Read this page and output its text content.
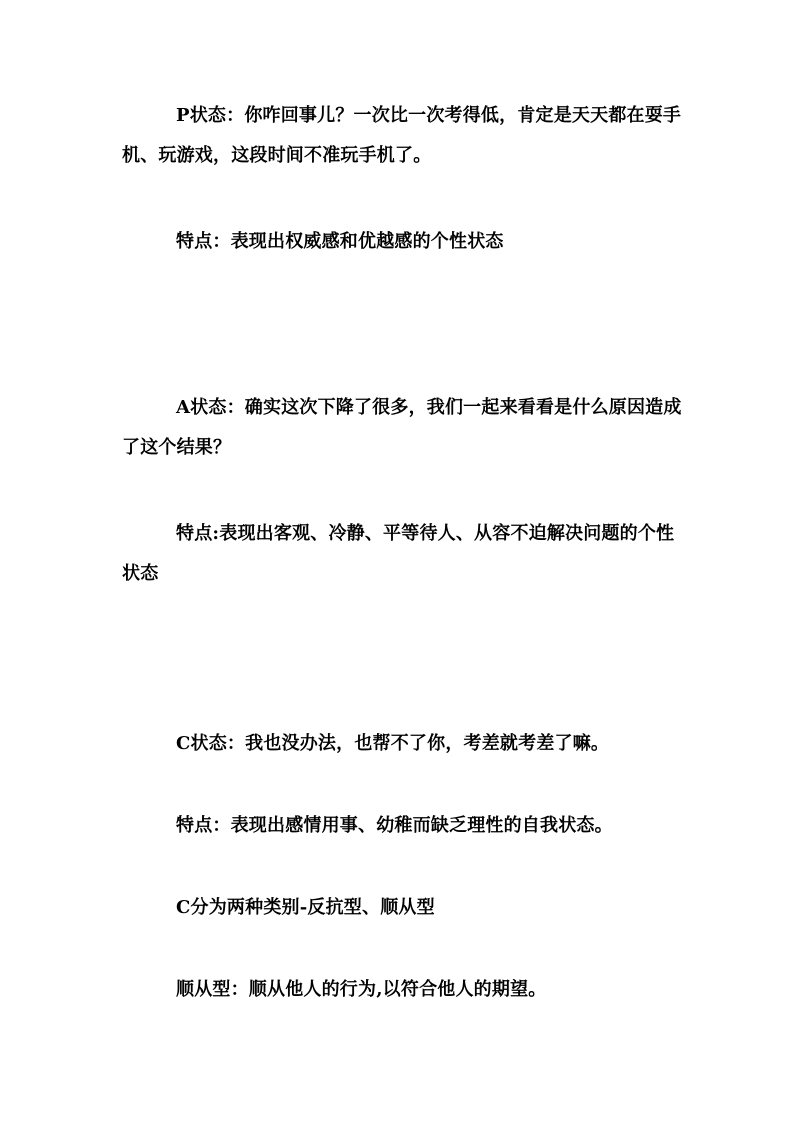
P状态：你咋回事儿？一次比一次考得低，肯定是天天都在耍手机、玩游戏，这段时间不准玩手机了。

特点：表现出权威感和优越感的个性状态

A状态：确实这次下降了很多，我们一起来看看是什么原因造成了这个结果？

特点:表现出客观、冷静、平等待人、从容不迫解决问题的个性状态

C状态：我也没办法，也帮不了你，考差就考差了嘛。

特点：表现出感情用事、幼稚而缺乏理性的自我状态。

C分为两种类别-反抗型、顺从型

顺从型：顺从他人的行为,以符合他人的期望。
